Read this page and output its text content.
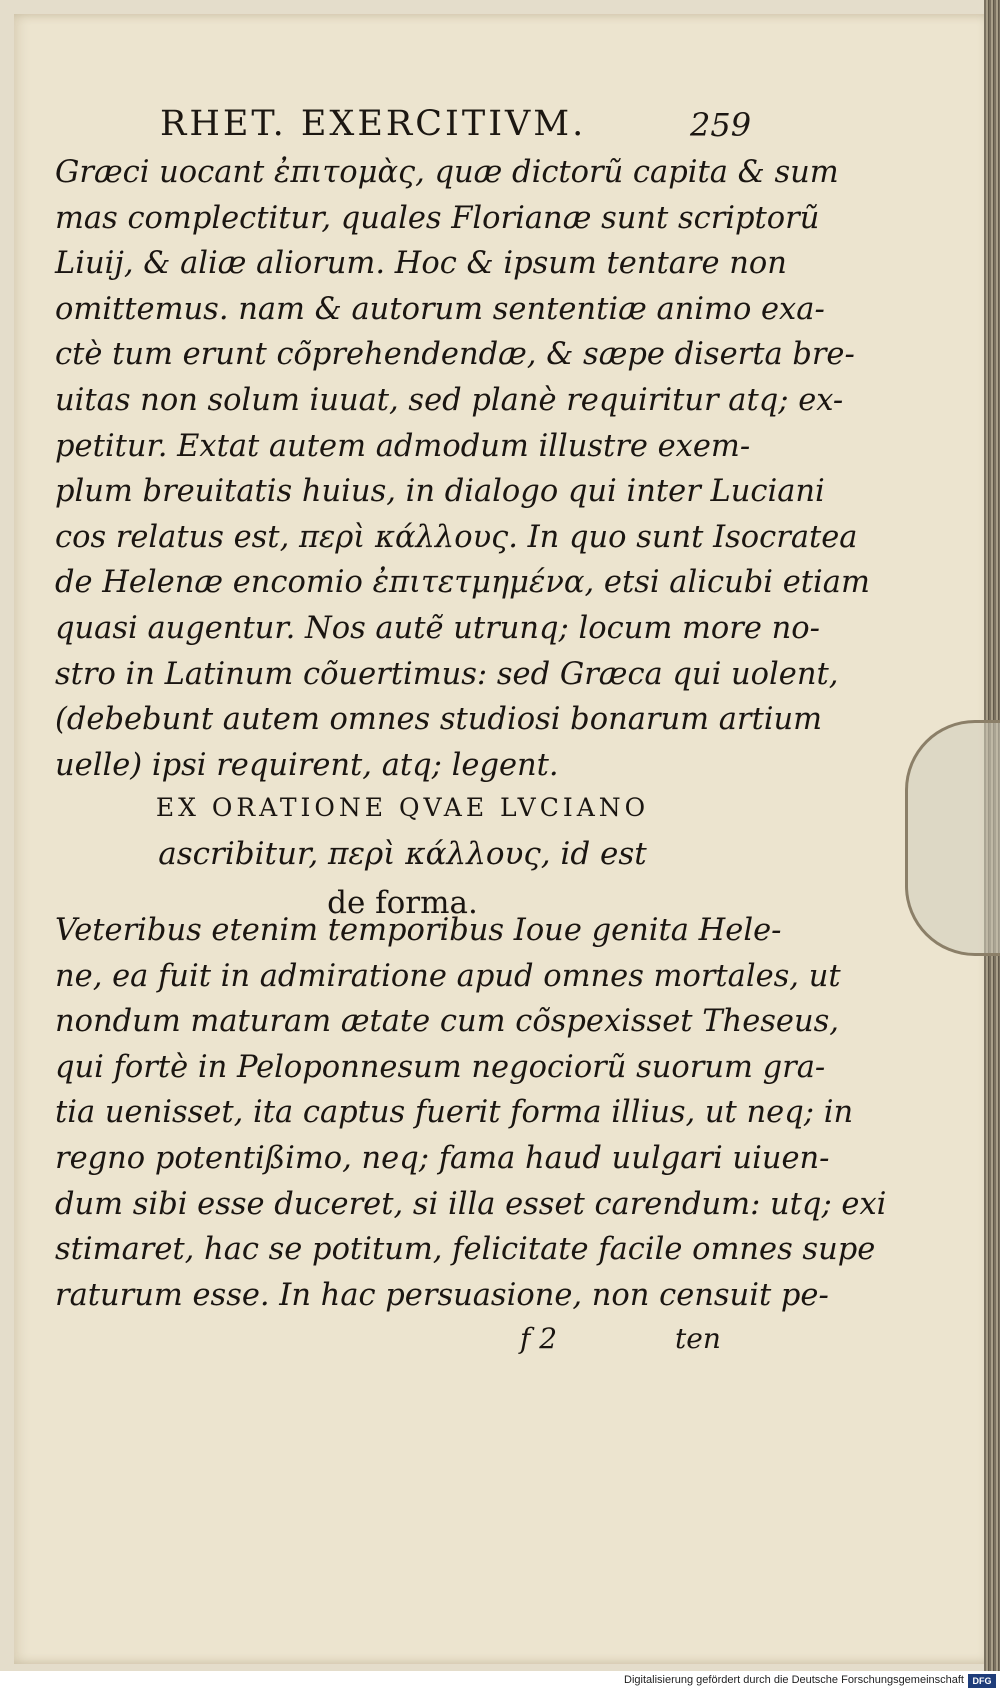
RHET. EXERCITIVM.	259
Græci uocant ἐπιτομὰς, quæ dictorũ capita & sum
mas complectitur, quales Florianæ sunt scriptorũ
Liuij, & aliæ aliorum. Hoc & ipsum tentare non
omittemus. nam & autorum sententiæ animo exa-
ctè tum erunt cõprehendendæ, & sæpe diserta bre-
uitas non solum iuuat, sed planè requiritur atq; ex-
petitur. Extat autem admodum illustre exem-
plum breuitatis huius, in dialogo qui inter Luciani
cos relatus est, περὶ κάλλους. In quo sunt Isocratea
de Helenæ encomio ἐπιτετμημένα, etsi alicubi etiam
quasi augentur. Nos autẽ utrunq; locum more no-
stro in Latinum cõuertimus: sed Græca qui uolent,
(debebunt autem omnes studiosi bonarum artium
uelle) ipsi requirent, atq; legent.
EX ORATIONE QVAE LVCIANO
ascribitur, περὶ κάλλους, id est
de forma.
Veteribus etenim temporibus Ioue genita Hele-
ne, ea fuit in admiratione apud omnes mortales, ut
nondum maturam ætate cum cõspexisset Theseus,
qui fortè in Peloponnesum negociorũ suorum gra-
tia uenisset, ita captus fuerit forma illius, ut neq; in
regno potentißimo, neq; fama haud uulgari uiuen-
dum sibi esse duceret, si illa esset carendum: utq; exi
stimaret, hac se potitum, felicitate facile omnes supe
raturum esse. In hac persuasione, non censuit pe-
f 2	ten
Digitalisierung gefördert durch die Deutsche Forschungsgemeinschaft DFG
